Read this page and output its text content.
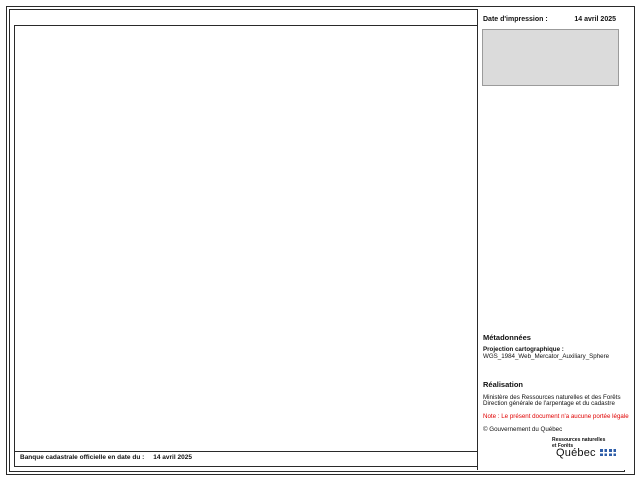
Banque cadastrale officielle en date du : 14 avril 2025
Date d'impression :	14 avril 2025
Métadonnées
Projection cartographique :
WGS_1984_Web_Mercator_Auxiliary_Sphere
Réalisation
Ministère des Ressources naturelles et des Forêts
Direction générale de l'arpentage et du cadastre
Note : Le présent document n'a aucune portée légale
© Gouvernement du Québec
Ressources naturelles
et Forêts
Québec
